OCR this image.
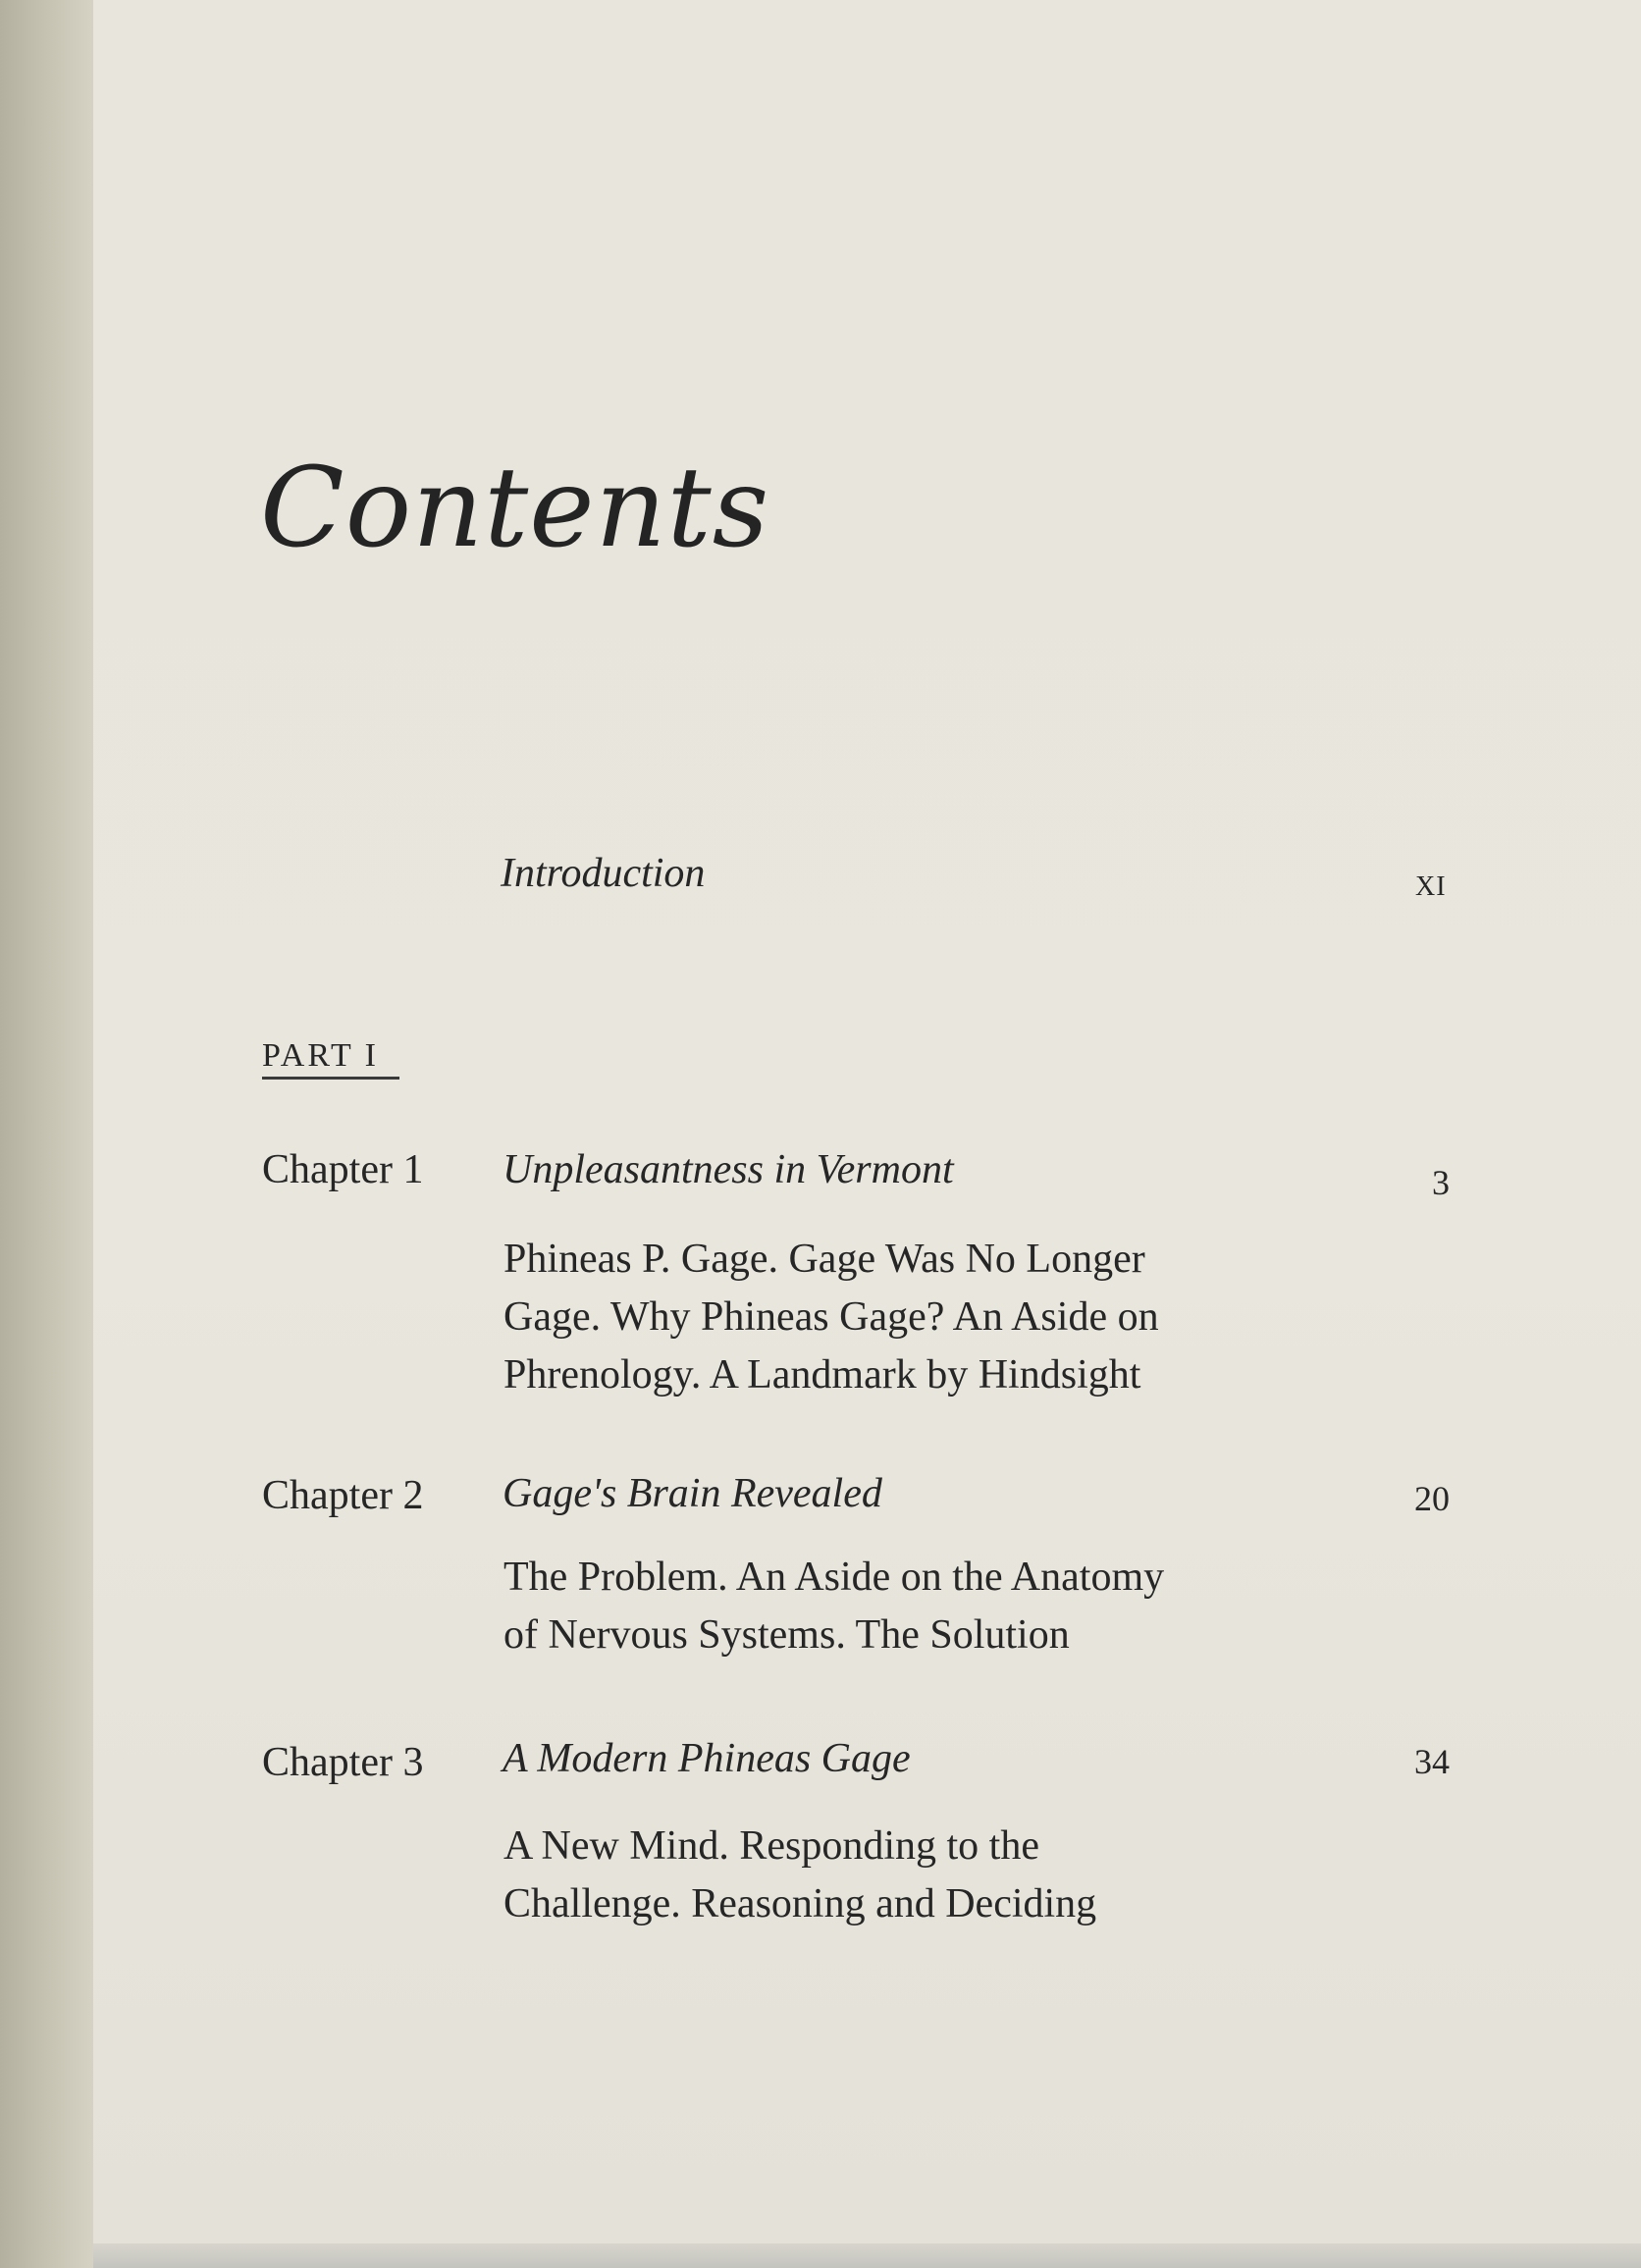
Contents
Introduction	XI
PART I
Chapter 1 Unpleasantness in Vermont	3
Phineas P. Gage. Gage Was No Longer
Gage. Why Phineas Gage? An Aside on
Phrenology. A Landmark by Hindsight
Chapter 2 Gage's Brain Revealed	20
The Problem. An Aside on the Anatomy
of Nervous Systems. The Solution
Chapter 3 A Modern Phineas Gage	34
A New Mind. Responding to the
Challenge. Reasoning and Deciding
